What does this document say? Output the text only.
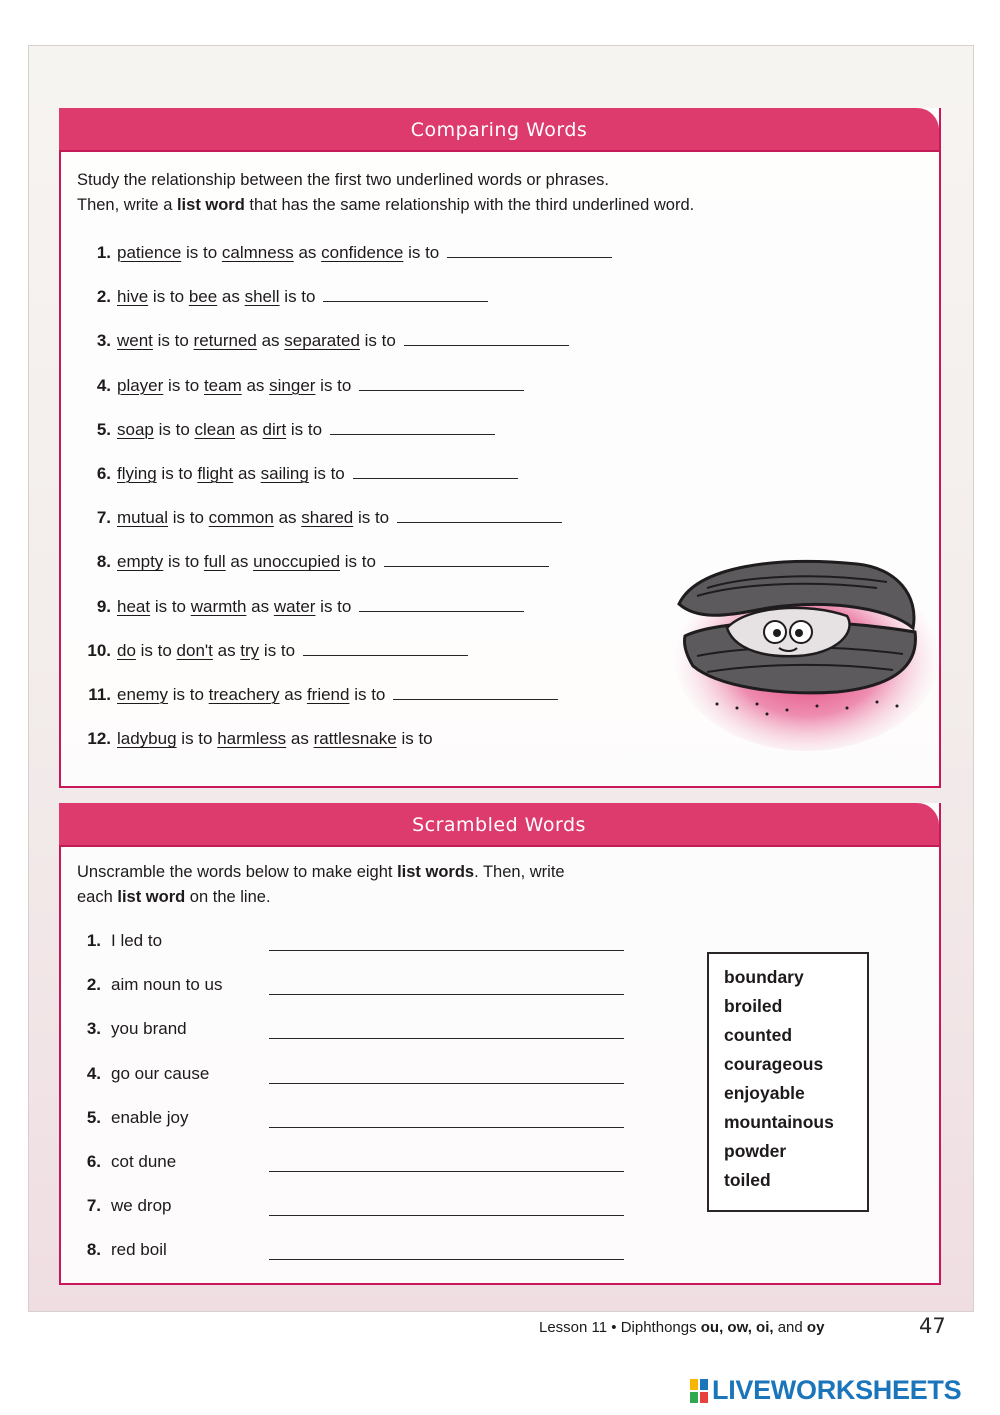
Comparing Words
Study the relationship between the first two underlined words or phrases.
Then, write a list word that has the same relationship with the third underlined word.
1. patience is to calmness as confidence is to
2. hive is to bee as shell is to
3. went is to returned as separated is to
4. player is to team as singer is to
5. soap is to clean as dirt is to
6. flying is to flight as sailing is to
7. mutual is to common as shared is to
8. empty is to full as unoccupied is to
9. heat is to warmth as water is to
10. do is to don't as try is to
11. enemy is to treachery as friend is to
12. ladybug is to harmless as rattlesnake is to
Scrambled Words
Unscramble the words below to make eight list words. Then, write
each list word on the line.
1. I led to
2. aim noun to us
3. you brand
4. go our cause
5. enable joy
6. cot dune
7. we drop
8. red boil
boundary
broiled
counted
courageous
enjoyable
mountainous
powder
toiled
Lesson 11 • Diphthongs ou, ow, oi, and oy	47
LIVEWORKSHEETS
